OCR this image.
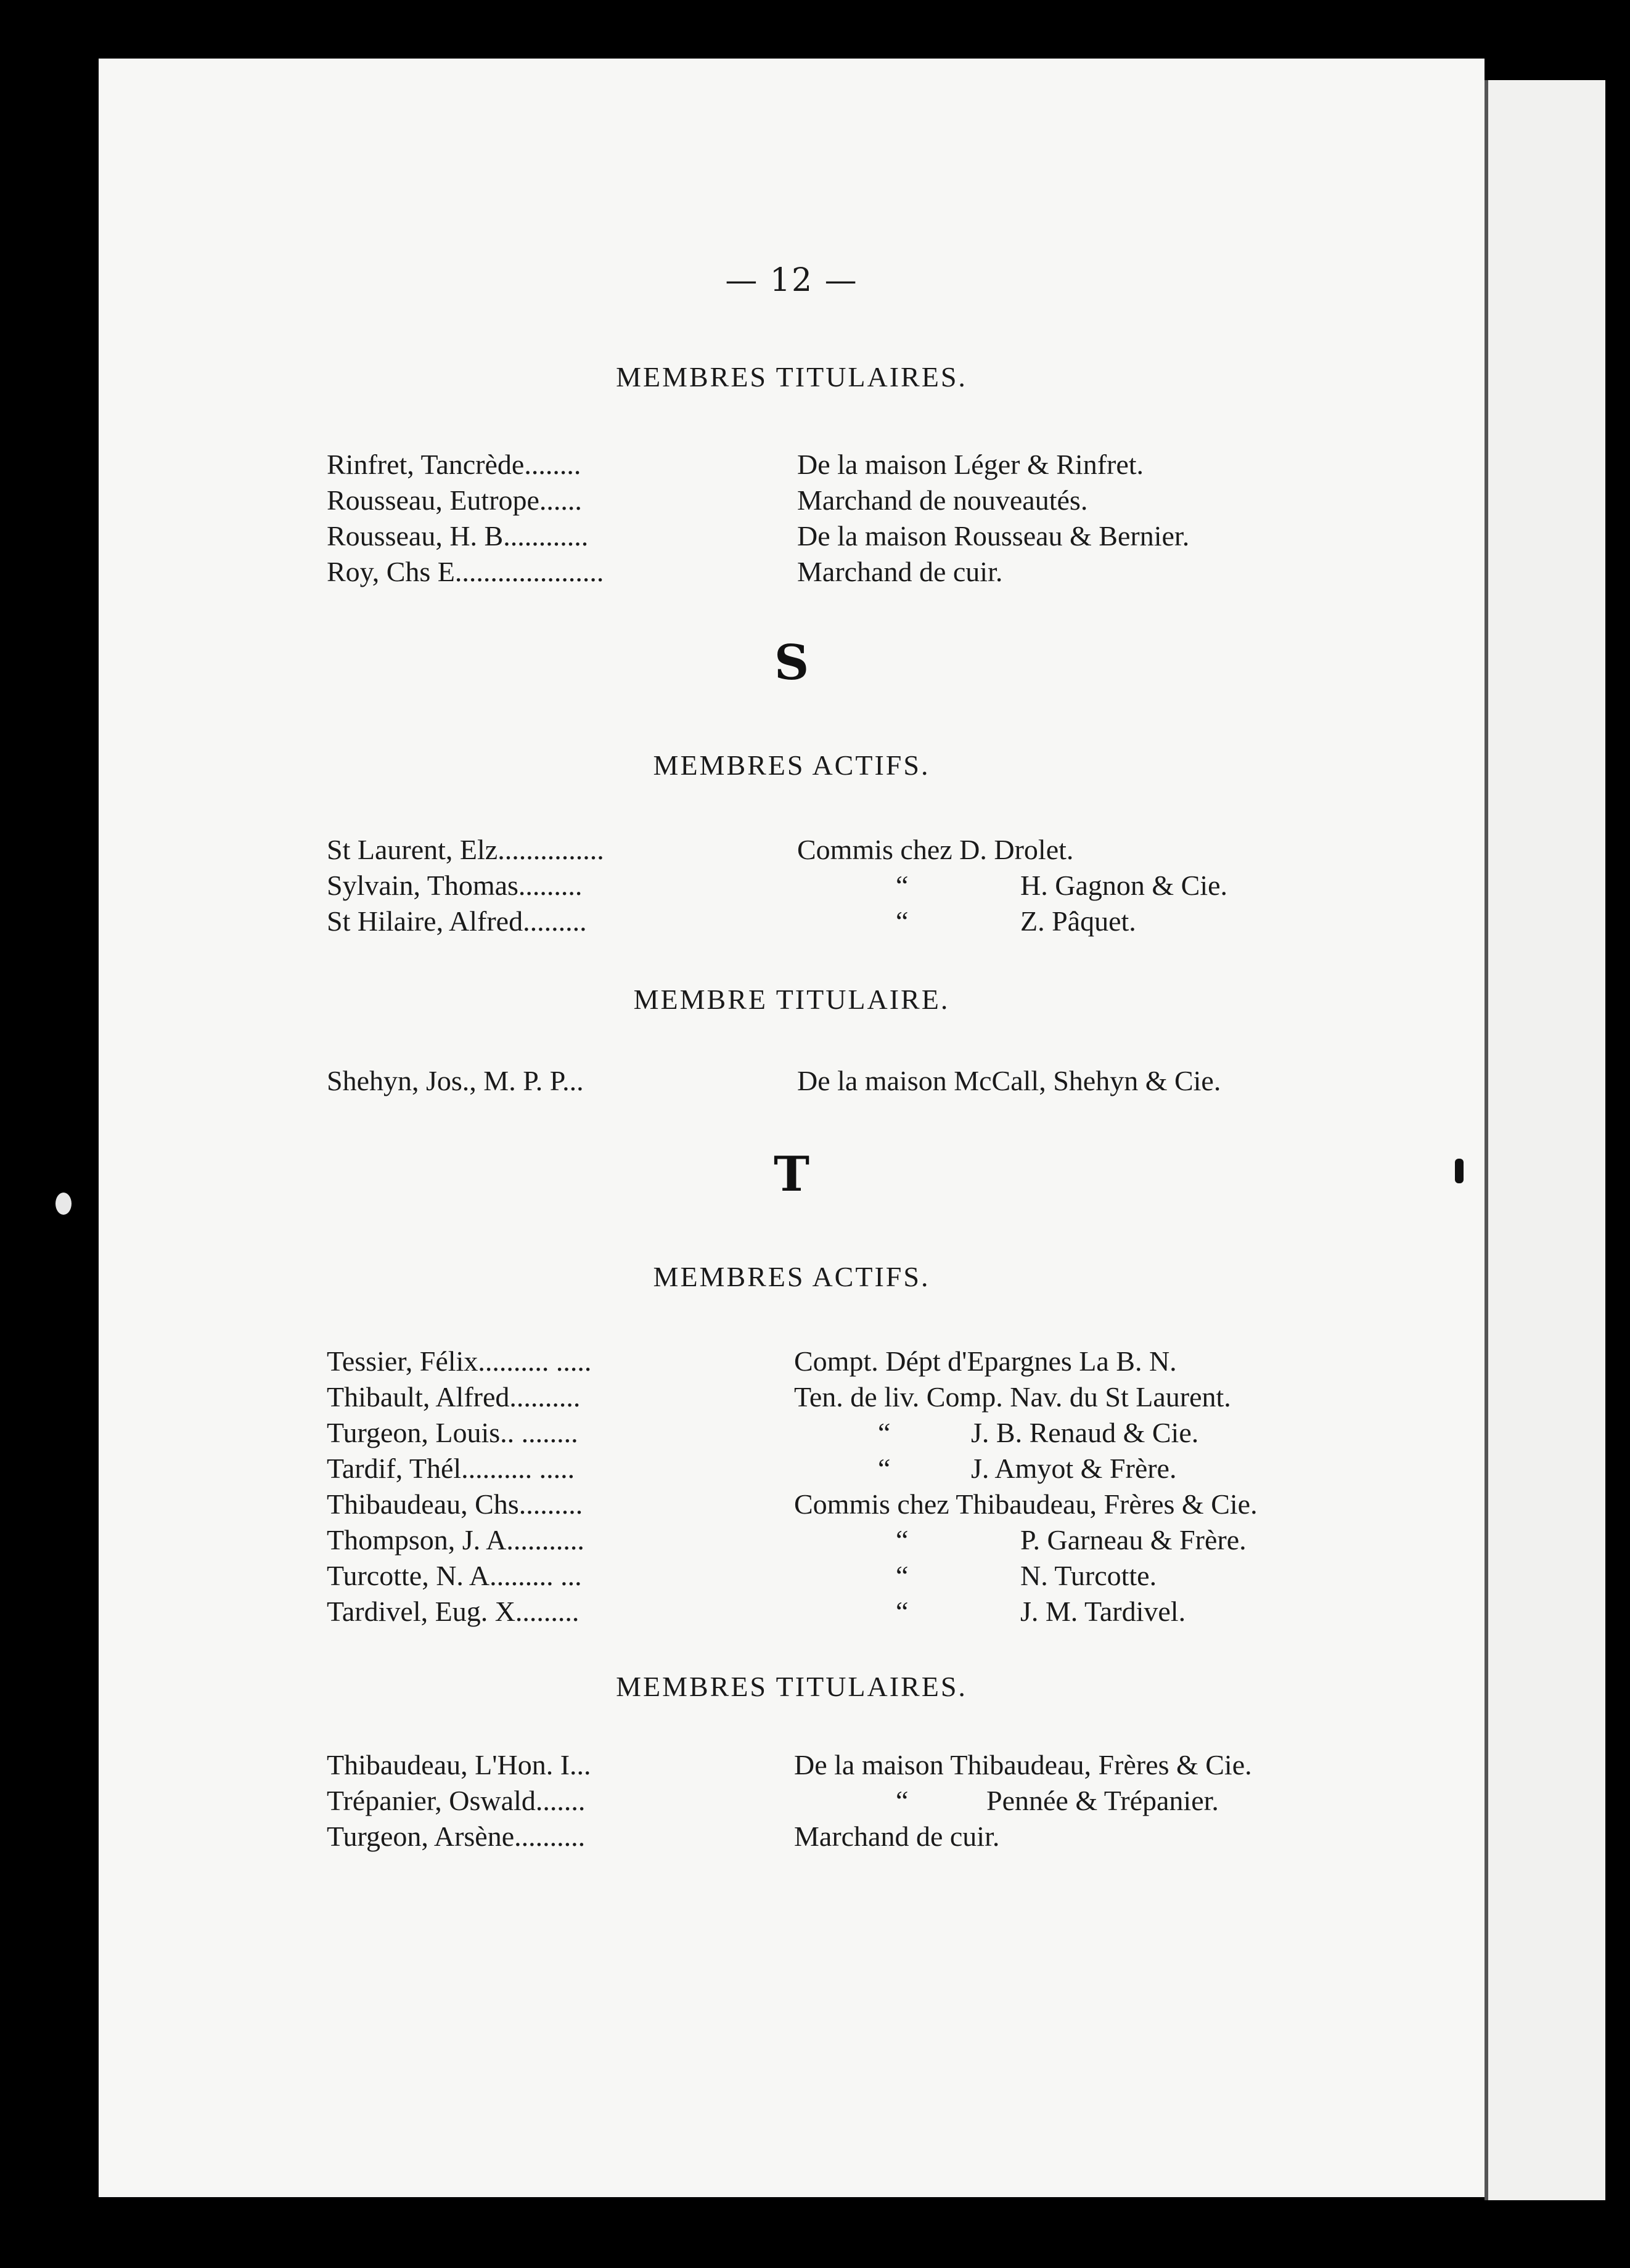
— 12 —
MEMBRES TITULAIRES.
Rinfret, Tancrède........	De la maison Léger & Rinfret.
Rousseau, Eutrope......	Marchand de nouveautés.
Rousseau, H. B............	De la maison Rousseau & Bernier.
Roy, Chs E.....................	Marchand de cuir.
S
MEMBRES ACTIFS.
St Laurent, Elz...............	Commis chez D. Drolet.
Sylvain, Thomas.........	“	H. Gagnon & Cie.
St Hilaire, Alfred.........	“	Z. Pâquet.
MEMBRE TITULAIRE.
Shehyn, Jos., M. P. P...	De la maison McCall, Shehyn & Cie.
T
MEMBRES ACTIFS.
Tessier, Félix.......... .....	Compt. Dépt d'Epargnes La B. N.
Thibault, Alfred..........	Ten. de liv. Comp. Nav. du St Laurent.
Turgeon, Louis.. ........	“	J. B. Renaud & Cie.
Tardif, Thél.......... .....	“	J. Amyot & Frère.
Thibaudeau, Chs.........	Commis chez Thibaudeau, Frères & Cie.
Thompson, J. A...........	“	P. Garneau & Frère.
Turcotte, N. A......... ...	“	N. Turcotte.
Tardivel, Eug. X.........	“	J. M. Tardivel.
MEMBRES TITULAIRES.
Thibaudeau, L'Hon. I...	De la maison Thibaudeau, Frères & Cie.
Trépanier, Oswald.......	“	Pennée & Trépanier.
Turgeon, Arsène..........	Marchand de cuir.
